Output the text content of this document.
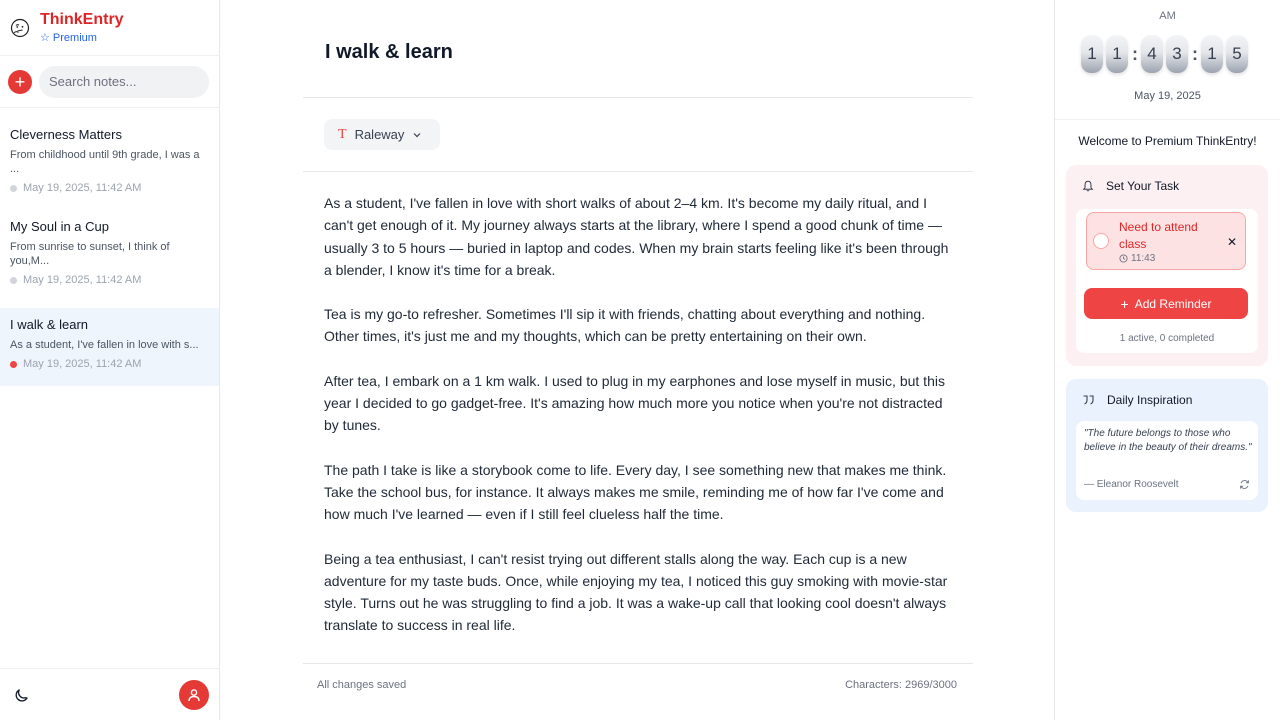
ThinkEntry
☆ Premium
+
Search notes...
Cleverness Matters
From childhood until 9th grade, I was a ...
May 19, 2025, 11:42 AM
My Soul in a Cup
From sunrise to sunset, I think of you,M...
May 19, 2025, 11:42 AM
I walk & learn
As a student, I've fallen in love with s...
May 19, 2025, 11:42 AM
I walk & learn
T Raleway

As a student, I've fallen in love with short walks of about 2–4 km. It's become my daily ritual, and I can't get enough of it. My journey always starts at the library, where I spend a good chunk of time — usually 3 to 5 hours — buried in laptop and codes. When my brain starts feeling like it's been through a blender, I know it's time for a break.

Tea is my go-to refresher. Sometimes I'll sip it with friends, chatting about everything and nothing. Other times, it's just me and my thoughts, which can be pretty entertaining on their own.

After tea, I embark on a 1 km walk. I used to plug in my earphones and lose myself in music, but this year I decided to go gadget-free. It's amazing how much more you notice when you're not distracted by tunes.

The path I take is like a storybook come to life. Every day, I see something new that makes me think. Take the school bus, for instance. It always makes me smile, reminding me of how far I've come and how much I've learned — even if I still feel clueless half the time.

Being a tea enthusiast, I can't resist trying out different stalls along the way. Each cup is a new adventure for my taste buds. Once, while enjoying my tea, I noticed this guy smoking with movie-star style. Turns out he was struggling to find a job. It was a wake-up call that looking cool doesn't always translate to success in real life.

All changes saved	Characters: 2969/3000
AM
1 1 : 4 3 : 1 5
May 19, 2025
Welcome to Premium ThinkEntry!
Set Your Task
Need to attend class
11:43
✕
+ Add Reminder
1 active, 0 completed
Daily Inspiration
"The future belongs to those who believe in the beauty of their dreams."
— Eleanor Roosevelt
